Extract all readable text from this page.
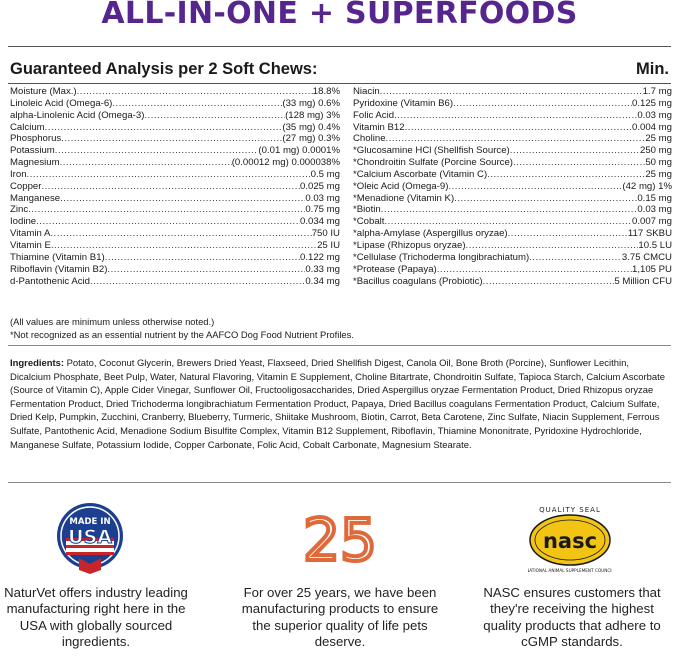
ALL-IN-ONE + SUPERFOODS
Guaranteed Analysis per 2 Soft Chews:	Min.
Moisture (Max.) .....	18.8%
Linoleic Acid (Omega-6) .....	(33 mg) 0.6%
alpha-Linolenic Acid (Omega-3) .....	(128 mg) 3%
Calcium .....	(35 mg) 0.4%
Phosphorus .....	(27 mg) 0.3%
Potassium .....	(0.01 mg) 0.0001%
Magnesium .....	(0.00012 mg) 0.000038%
Iron .....	0.5 mg
Copper .....	0.025 mg
Manganese .....	0.03 mg
Zinc .....	0.75 mg
Iodine .....	0.034 mg
Vitamin A .....	750 IU
Vitamin E .....	25 IU
Thiamine (Vitamin B1) .....	0.122 mg
Riboflavin (Vitamin B2) .....	0.33 mg
d-Pantothenic Acid .....	0.34 mg
Niacin .....	1.7 mg
Pyridoxine (Vitamin B6) .....	0.125 mg
Folic Acid .....	0.03 mg
Vitamin B12 .....	0.004 mg
Choline .....	25 mg
*Glucosamine HCl (Shellfish Source) .....	250 mg
*Chondroitin Sulfate (Porcine Source) .....	50 mg
*Calcium Ascorbate (Vitamin C) .....	25 mg
*Oleic Acid (Omega-9) .....	(42 mg) 1%
*Menadione (Vitamin K) .....	0.15 mg
*Biotin .....	0.03 mg
*Cobalt .....	0.007 mg
*alpha-Amylase (Aspergillus oryzae) .....	117 SKBU
*Lipase (Rhizopus oryzae) .....	10.5 LU
*Cellulase (Trichoderma longibrachiatum) .....	3.75 CMCU
*Protease (Papaya) .....	1,105 PU
*Bacillus coagulans (Probiotic) .....	5 Million CFU
(All values are minimum unless otherwise noted.)
*Not recognized as an essential nutrient by the AAFCO Dog Food Nutrient Profiles.
Ingredients: Potato, Coconut Glycerin, Brewers Dried Yeast, Flaxseed, Dried Shellfish Digest, Canola Oil, Bone Broth (Porcine), Sunflower Lecithin, Dicalcium Phosphate, Beet Pulp, Water, Natural Flavoring, Vitamin E Supplement, Choline Bitartrate, Chondroitin Sulfate, Tapioca Starch, Calcium Ascorbate (Source of Vitamin C), Apple Cider Vinegar, Sunflower Oil, Fructooligosaccharides, Dried Aspergillus oryzae Fermentation Product, Dried Rhizopus oryzae Fermentation Product, Dried Trichoderma longibrachiatum Fermentation Product, Papaya, Dried Bacillus coagulans Fermentation Product, Calcium Sulfate, Dried Kelp, Pumpkin, Zucchini, Cranberry, Blueberry, Turmeric, Shiitake Mushroom, Biotin, Carrot, Beta Carotene, Zinc Sulfate, Niacin Supplement, Ferrous Sulfate, Pantothenic Acid, Menadione Sodium Bisulfite Complex, Vitamin B12 Supplement, Riboflavin, Thiamine Mononitrate, Pyridoxine Hydrochloride, Manganese Sulfate, Potassium Iodide, Copper Carbonate, Folic Acid, Cobalt Carbonate, Magnesium Stearate.
MADE IN
USA
NaturVet offers industry leading manufacturing right here in the USA with globally sourced ingredients.
25
For over 25 years, we have been manufacturing products to ensure the superior quality of life pets deserve.
QUALITY SEAL
nasc
NATIONAL ANIMAL SUPPLEMENT COUNCIL
NASC ensures customers that they're receiving the highest quality products that adhere to cGMP standards.
